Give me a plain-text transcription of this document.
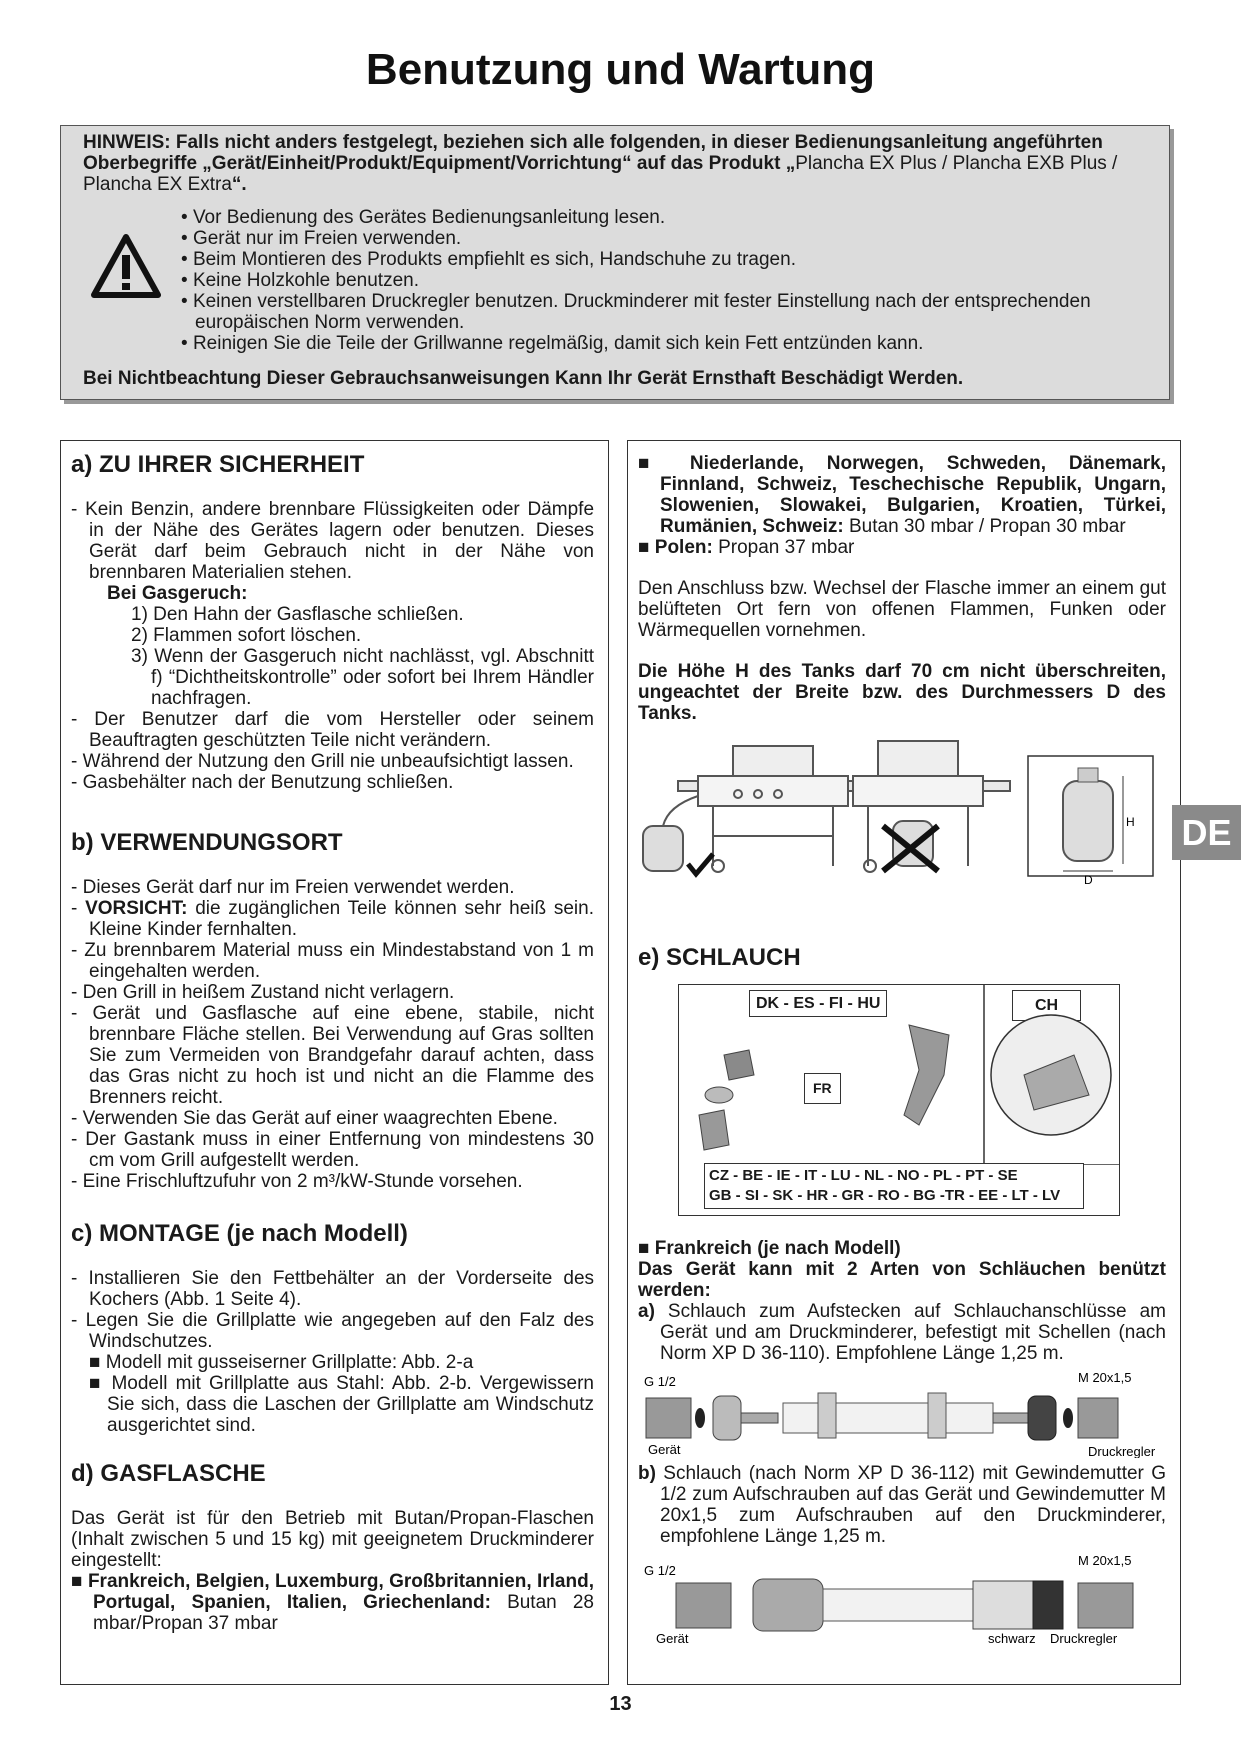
Benutzung und Wartung
HINWEIS: Falls nicht anders festgelegt, beziehen sich alle folgenden, in dieser Bedienungsanleitung angeführten Oberbegriffe „Gerät/Einheit/Produkt/Equipment/Vorrichtung“ auf das Produkt „Plancha EX Plus / Plancha EXB Plus / Plancha EX Extra“.
• Vor Bedienung des Gerätes Bedienungsanleitung lesen.
• Gerät nur im Freien verwenden.
• Beim Montieren des Produkts empfiehlt es sich, Handschuhe zu tragen.
• Keine Holzkohle benutzen.
• Keinen verstellbaren Druckregler benutzen. Druckminderer mit fester Einstellung nach der entsprechenden europäischen Norm verwenden.
• Reinigen Sie die Teile der Grillwanne regelmäßig, damit sich kein Fett entzünden kann.
Bei Nichtbeachtung Dieser Gebrauchsanweisungen Kann Ihr Gerät Ernsthaft Beschädigt Werden.
a) ZU IHRER SICHERHEIT
- Kein Benzin, andere brennbare Flüssigkeiten oder Dämpfe in der Nähe des Gerätes lagern oder benutzen. Dieses Gerät darf beim Gebrauch nicht in der Nähe von brennbaren Materialien stehen.
Bei Gasgeruch:
1) Den Hahn der Gasflasche schließen.
2) Flammen sofort löschen.
3) Wenn der Gasgeruch nicht nachlässt, vgl. Abschnitt f) “Dichtheitskontrolle” oder sofort bei Ihrem Händler nachfragen.
- Der Benutzer darf die vom Hersteller oder seinem Beauftragten geschützten Teile nicht verändern.
- Während der Nutzung den Grill nie unbeaufsichtigt lassen.
- Gasbehälter nach der Benutzung schließen.
b) VERWENDUNGSORT
- Dieses Gerät darf nur im Freien verwendet werden.
- VORSICHT: die zugänglichen Teile können sehr heiß sein. Kleine Kinder fernhalten.
- Zu brennbarem Material muss ein Mindestabstand von 1 m eingehalten werden.
- Den Grill in heißem Zustand nicht verlagern.
- Gerät und Gasflasche auf eine ebene, stabile, nicht brennbare Fläche stellen. Bei Verwendung auf Gras sollten Sie zum Vermeiden von Brandgefahr darauf achten, dass das Gras nicht zu hoch ist und nicht an die Flamme des Brenners reicht.
- Verwenden Sie das Gerät auf einer waagrechten Ebene.
- Der Gastank muss in einer Entfernung von mindestens 30 cm vom Grill aufgestellt werden.
- Eine Frischluftzufuhr von 2 m³/kW-Stunde vorsehen.
c) MONTAGE (je nach Modell)
- Installieren Sie den Fettbehälter an der Vorderseite des Kochers (Abb. 1 Seite 4).
- Legen Sie die Grillplatte wie angegeben auf den Falz des Windschutzes.
■ Modell mit gusseiserner Grillplatte: Abb. 2-a
■ Modell mit Grillplatte aus Stahl: Abb. 2-b. Vergewissern Sie sich, dass die Laschen der Grillplatte am Windschutz ausgerichtet sind.
d) GASFLASCHE
Das Gerät ist für den Betrieb mit Butan/Propan-Flaschen (Inhalt zwischen 5 und 15 kg) mit geeignetem Druckminderer eingestellt:
■ Frankreich, Belgien, Luxemburg, Großbritannien, Irland, Portugal, Spanien, Italien, Griechenland: Butan 28 mbar/Propan 37 mbar
■ Niederlande, Norwegen, Schweden, Dänemark, Finnland, Schweiz, Teschechische Republik, Ungarn, Slowenien, Slowakei, Bulgarien, Kroatien, Türkei, Rumänien, Schweiz: Butan 30 mbar / Propan 30 mbar
■ Polen: Propan 37 mbar
Den Anschluss bzw. Wechsel der Flasche immer an einem gut belüfteten Ort fern von offenen Flammen, Funken oder Wärmequellen vornehmen.
Die Höhe H des Tanks darf 70 cm nicht überschreiten, ungeachtet der Breite bzw. des Durchmessers D des Tanks.
H
D
e) SCHLAUCH
DK - ES - FI - HU	CH
FR
CZ - BE - IE - IT - LU - NL - NO - PL - PT - SE
GB - SI - SK - HR - GR - RO - BG -TR - EE - LT - LV
■ Frankreich (je nach Modell)
Das Gerät kann mit 2 Arten von Schläuchen benützt werden:
a) Schlauch zum Aufstecken auf Schlauchanschlüsse am Gerät und am Druckminderer, befestigt mit Schellen (nach Norm XP D 36-110). Empfohlene Länge 1,25 m.
G 1/2	M 20x1,5
Gerät	Druckregler
b) Schlauch (nach Norm XP D 36-112) mit Gewindemutter G 1/2 zum Aufschrauben auf das Gerät und Gewindemutter M 20x1,5 zum Aufschrauben auf den Druckminderer, empfohlene Länge 1,25 m.
G 1/2
M 20x1,5
Gerät	schwarz Druckregler
DE
13
